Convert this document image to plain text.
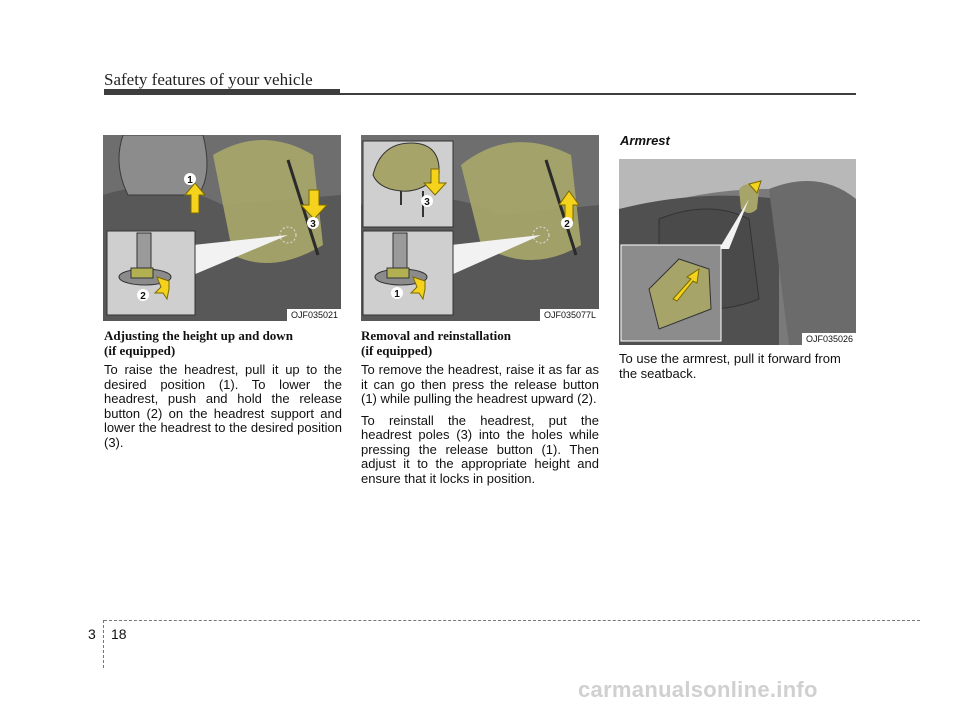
Safety features of your vehicle
1
3
2
OJF035021
3
2
1
OJF035077L
OJF035026
Adjusting the height up and down
(if equipped)

To raise the headrest, pull it up to the desired position (1). To lower the headrest, push and hold the release button (2) on the headrest support and lower the headrest to the desired position (3).

Removal and reinstallation
(if equipped)

To remove the headrest, raise it as far as it can go then press the release button (1) while pulling the headrest upward (2).

To reinstall the headrest, put the headrest poles (3) into the holes while pressing the release button (1). Then adjust it to the appropriate height and ensure that it locks in position.

Armrest

To use the armrest, pull it forward from the seatback.

3 18
carmanualsonline.info
